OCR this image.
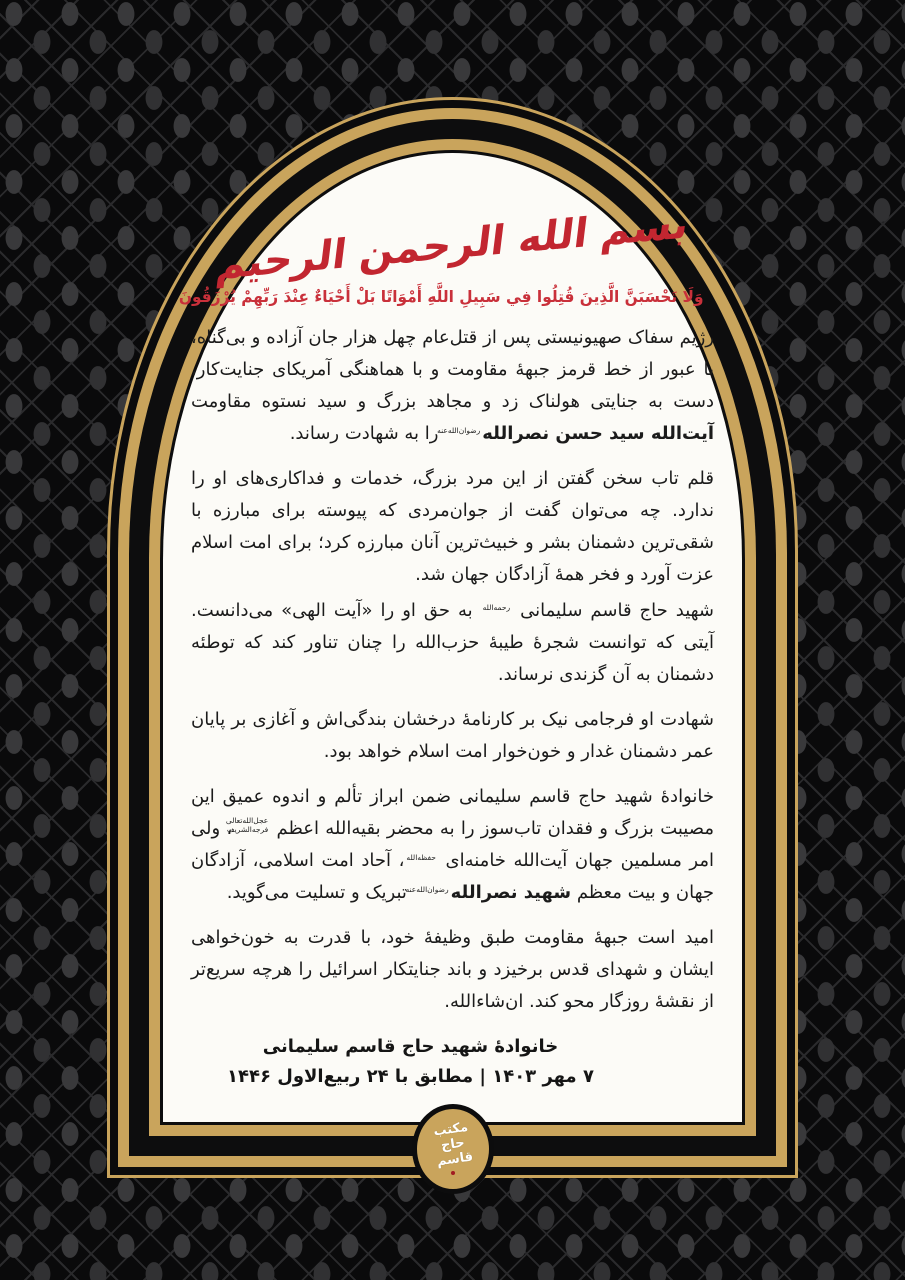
بسم الله الرحمن الرحیم
وَلَا تَحْسَبَنَّ الَّذِينَ قُتِلُوا فِي سَبِيلِ اللَّهِ أَمْوَاتًا بَلْ أَحْيَاءٌ عِنْدَ رَبِّهِمْ يُرْزَقُونَ

رژیم سفاک صهیونیستی پس از قتل‌عام چهل هزار جان آزاده و بی‌گناه، با عبور از خط قرمز جبهۀ مقاومت و با هماهنگی آمریکای جنایت‌کار، دست به جنایتی هولناک زد و مجاهد بزرگ و سید نستوه مقاومت آیت‌الله سید حسن نصراللهرضوان‌الله‌عنه را به شهادت رساند.

قلم تاب سخن گفتن از این مرد بزرگ، خدمات و فداکاری‌های او را ندارد. چه می‌توان گفت از جوان‌مردی که پیوسته برای مبارزه با شقی‌ترین دشمنان بشر و خبیث‌ترین آنان مبارزه کرد؛ برای امت اسلام عزت آورد و فخر همۀ آزادگان جهان شد.

شهید حاج قاسم سلیمانی رحمه‌الله به حق او را «آیت الهی» می‌دانست. آیتی که توانست شجرۀ طیبۀ حزب‌الله را چنان تناور کند که توطئه دشمنان به آن گزندی نرساند.

شهادت او فرجامی نیک بر کارنامۀ درخشان بندگی‌اش و آغازی بر پایان عمر دشمنان غدار و خون‌خوار امت اسلام خواهد بود.

خانوادۀ شهید حاج قاسم سلیمانی ضمن ابراز تألم و اندوه عمیق این مصیبت بزرگ و فقدان تاب‌سوز را به محضر بقیه‌الله اعظم عجل‌الله‌تعالی فرجه‌الشریف، ولی امر مسلمین جهان آیت‌الله خامنه‌ای حفظه‌الله، آحاد امت اسلامی، آزادگان جهان و بیت معظم شهید نصراللهرضوان‌الله‌عنه تبریک و تسلیت می‌گوید.

امید است جبهۀ مقاومت طبق وظیفۀ خود، با قدرت به خون‌خواهی ایشان و شهدای قدس برخیزد و باند جنایتکار اسرائیل را هرچه سریع‌تر از نقشۀ روزگار محو کند. ان‌شاءالله.

خانوادۀ شهید حاج قاسم سلیمانی
۷ مهر ۱۴۰۳ | مطابق با ۲۴ ربیع‌الاول ۱۴۴۶
مکتب حاج قاسم
